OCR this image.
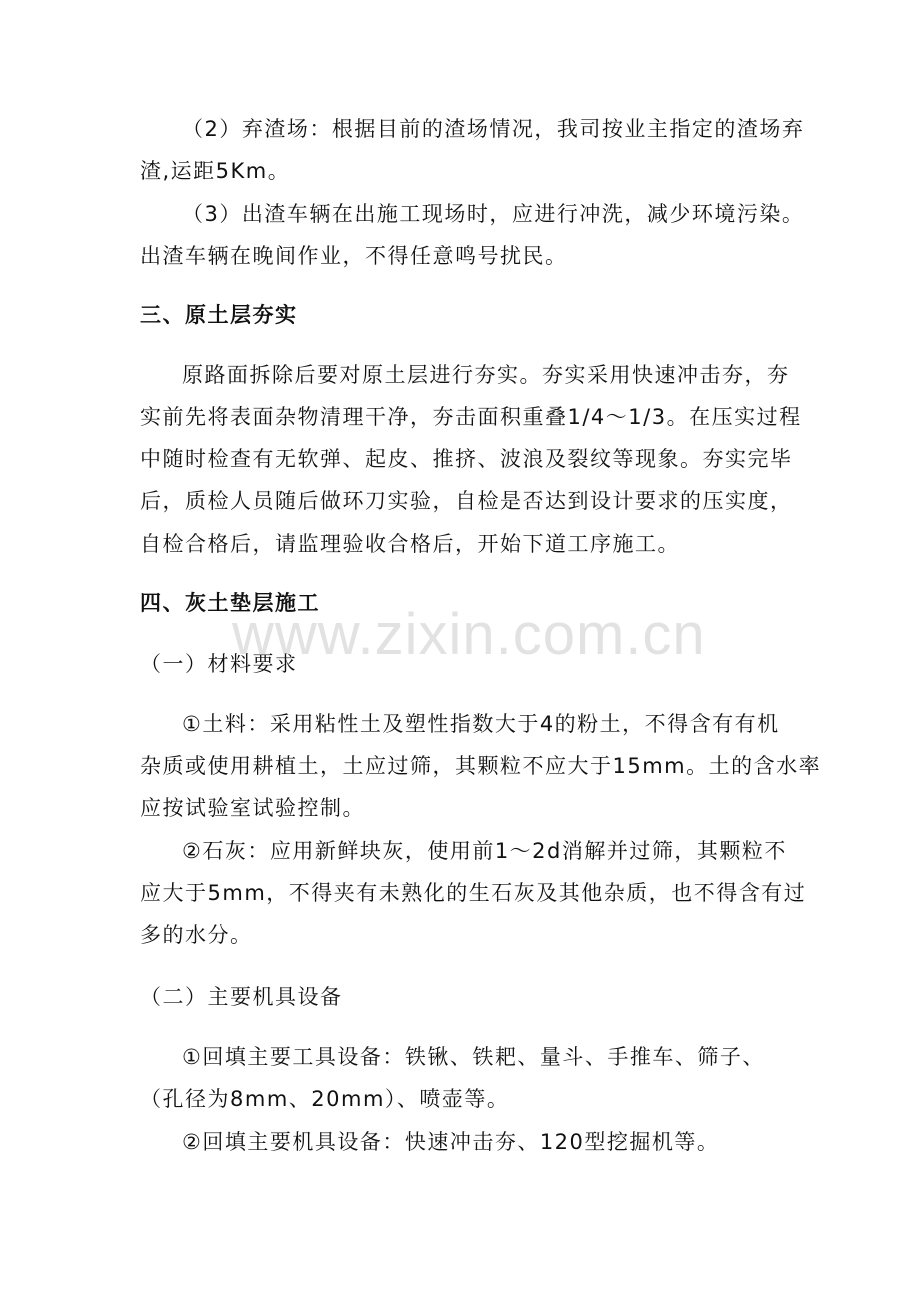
（2）弃渣场：根据目前的渣场情况，我司按业主指定的渣场弃
渣,运距5Km。
（3）出渣车辆在出施工现场时，应进行冲洗，减少环境污染。
出渣车辆在晚间作业，不得任意鸣号扰民。
三、原土层夯实
原路面拆除后要对原土层进行夯实。夯实采用快速冲击夯，夯
实前先将表面杂物清理干净，夯击面积重叠1/4～1/3。在压实过程
中随时检查有无软弹、起皮、推挤、波浪及裂纹等现象。夯实完毕
后，质检人员随后做环刀实验，自检是否达到设计要求的压实度，
自检合格后，请监理验收合格后，开始下道工序施工。
四、灰土垫层施工
（一）材料要求
①土料：采用粘性土及塑性指数大于4的粉土，不得含有有机
杂质或使用耕植土，土应过筛，其颗粒不应大于15mm。土的含水率
应按试验室试验控制。
②石灰：应用新鲜块灰，使用前1～2d消解并过筛，其颗粒不
应大于5mm，不得夹有未熟化的生石灰及其他杂质，也不得含有过
多的水分。
（二）主要机具设备
①回填主要工具设备：铁锹、铁耙、量斗、手推车、筛子、
（孔径为8mm、20mm）、喷壶等。
②回填主要机具设备：快速冲击夯、120型挖掘机等。
www.zixin.com.cn
